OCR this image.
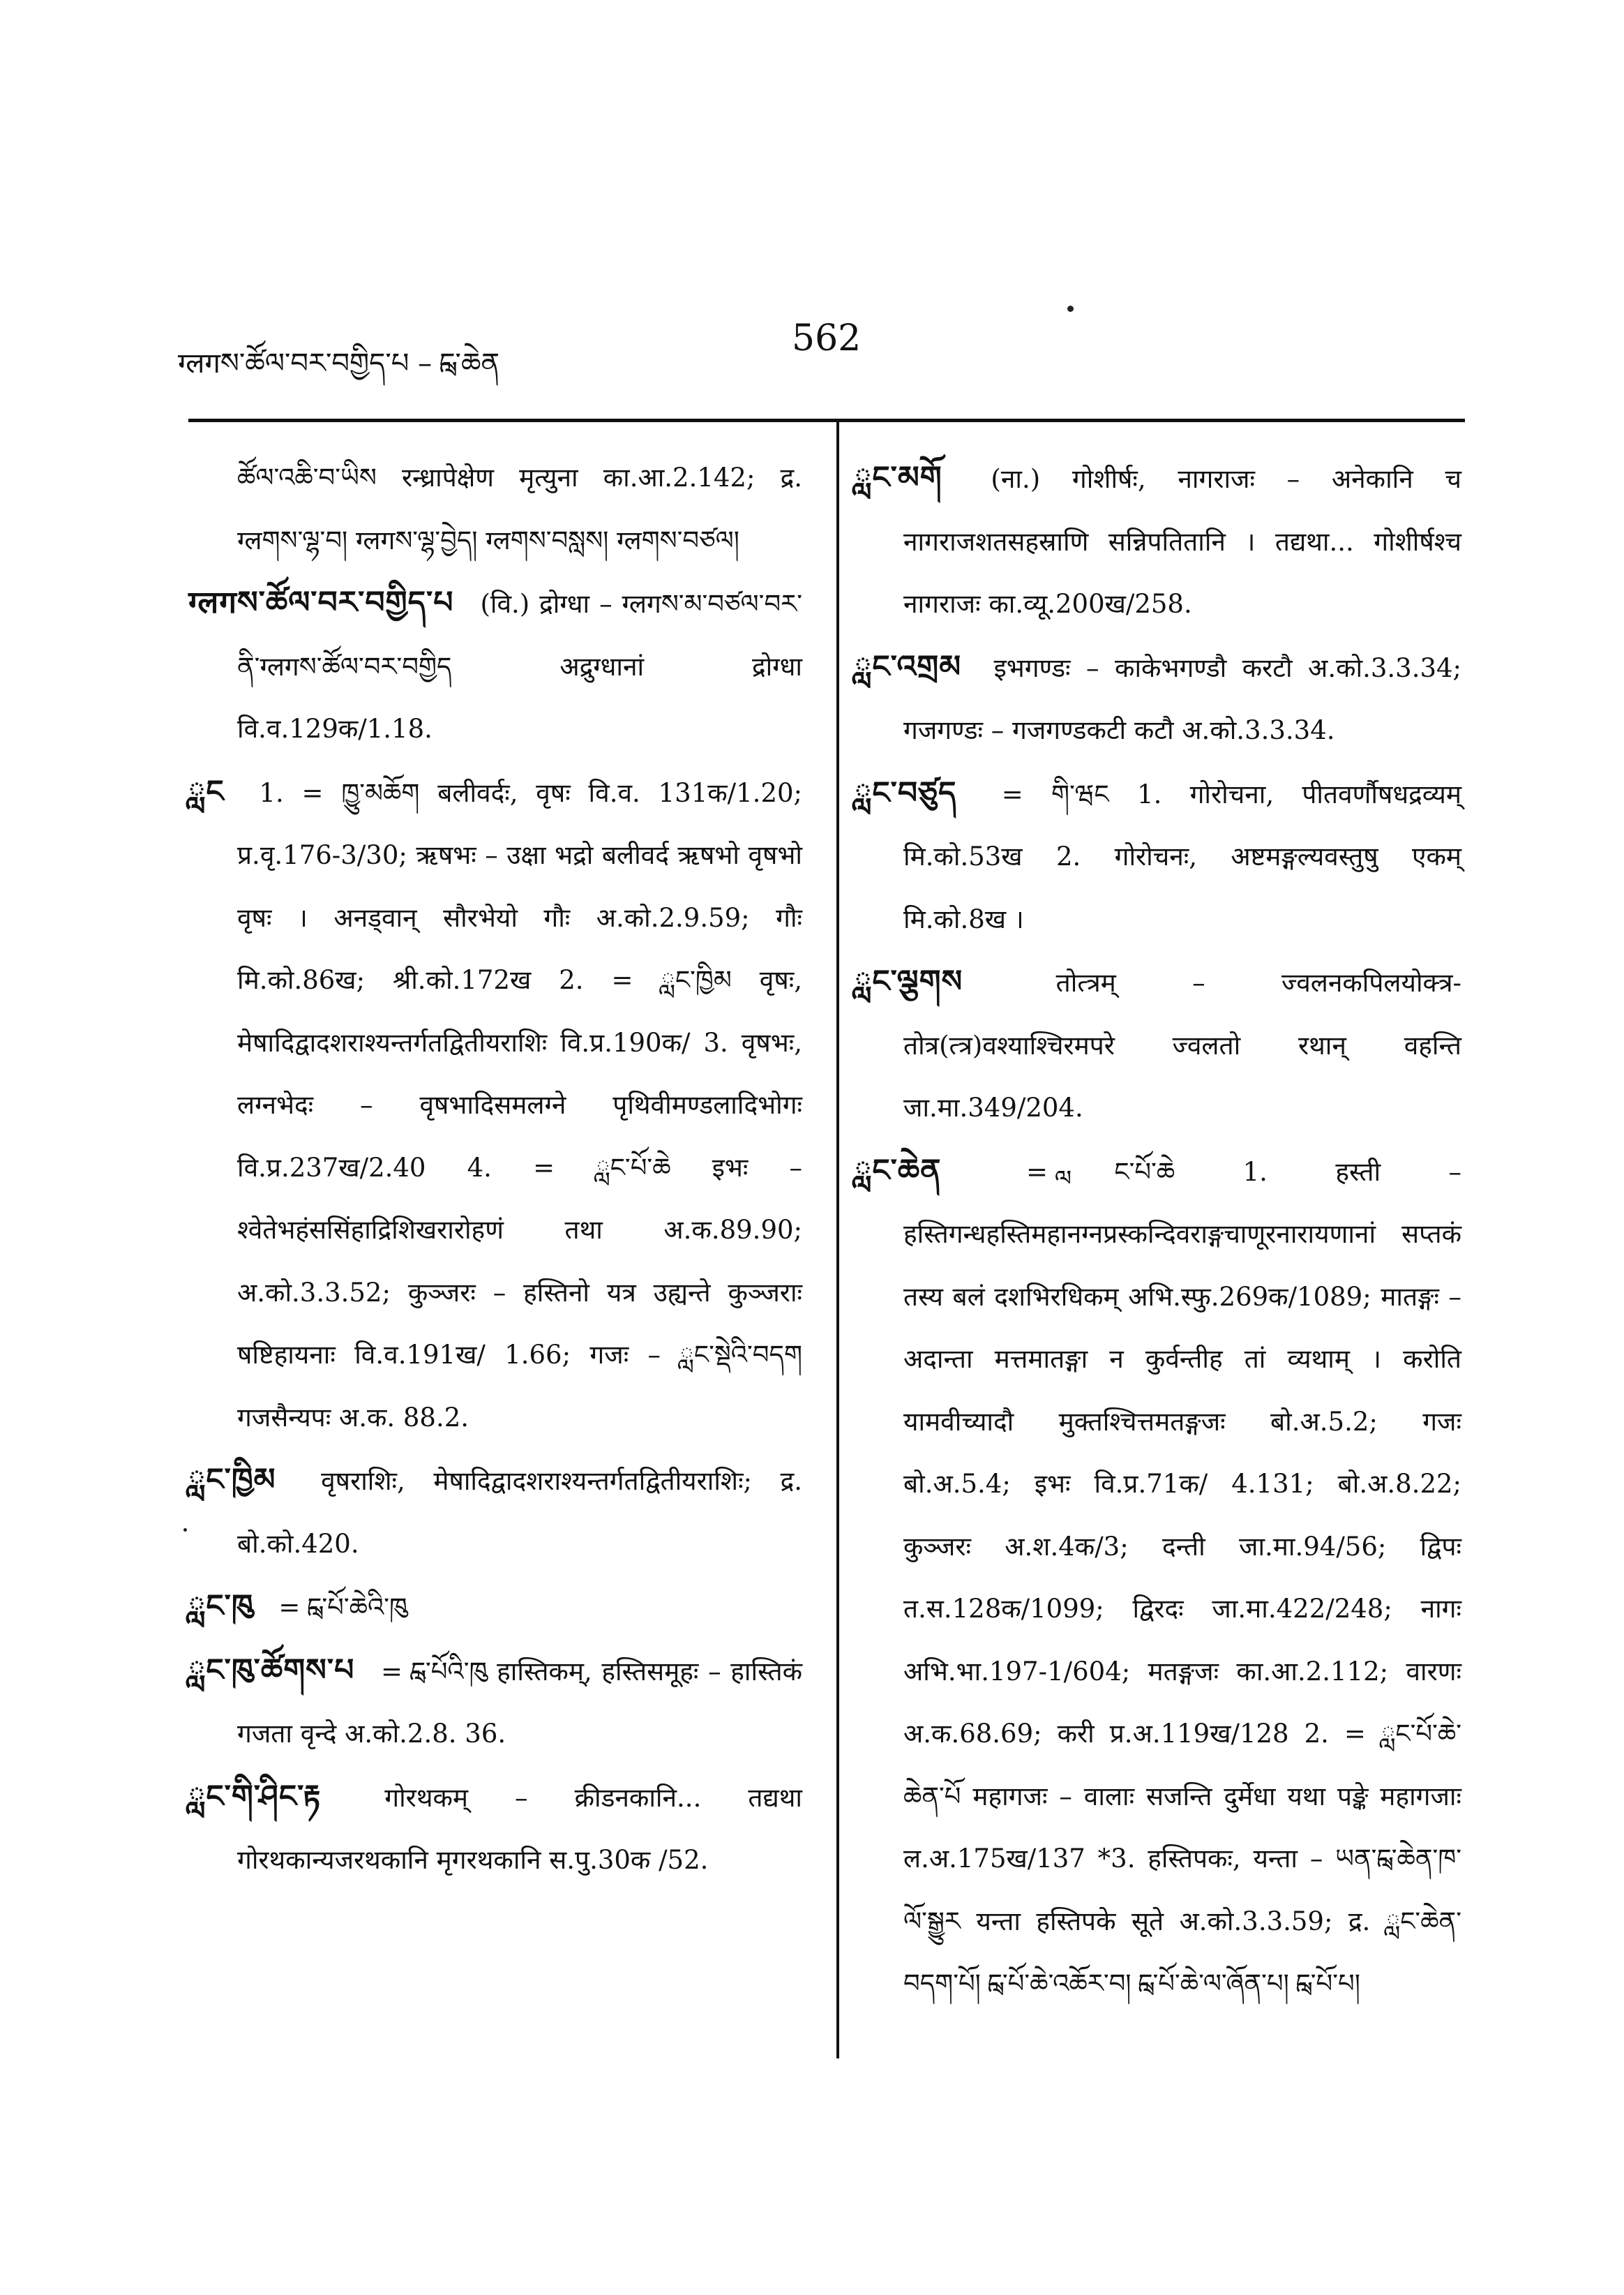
ग्लगས་ཚོལ་བར་བགྱིད་པ – ླང་ཆེན
562

ཚོལ་འཆི་བ་ཡིས रन्ध्रापेक्षेण मृत्युना का.आ.2.142; द्र. ग्लགས་ལྷ་བ། ग्लगས་ལྷ་བྱེད། ग्लགས་བསླས། ग्लགས་བཙལ།

ग्लगས་ཚོལ་བར་བགྱིད་པ (वि.) द्रोग्धा – ग्लगས་མ་བཙལ་བར་ནི་ग्लगས་ཚོལ་བར་བགྱིད अद्रुग्धानां द्रोग्धा वि.व.129क/1.18.

ླང 1. = ཁྱུ་མཆོག बलीवर्दः, वृषः वि.व. 131क/1.20; प्र.वृ.176-3/30; ऋषभः – उक्षा भद्रो बलीवर्द ऋषभो वृषभो वृषः । अनड्वान् सौरभेयो गौः अ.को.2.9.59; गौः मि.को.86ख; श्री.को.172ख 2. = ླང་ཁྱིམ वृषः, मेषादिद्वादशराश्यन्तर्गतद्वितीयराशिः वि.प्र.190क/ 3. वृषभः, लग्नभेदः – वृषभादिसमलग्ने पृथिवीमण्डलादिभोगः वि.प्र.237ख/2.40 4. = ླང་པོ་ཆེ इभः – श्वेतेभहंससिंहाद्रिशिखरारोहणं तथा अ.क.89.90; अ.को.3.3.52; कुञ्जरः – हस्तिनो यत्र उह्यन्ते कुञ्जराः षष्टिहायनाः वि.व.191ख/ 1.66; गजः – ླང་སྡེའི་བདག गजसैन्यपः अ.क. 88.2.

ླང་ཁྱིམ वृषराशिः, मेषादिद्वादशराश्यन्तर्गतद्वितीयराशिः; द्र. बो.को.420.

ླང་ཁུ = ླང་པོ་ཆེའི་ཁུ

ླང་ཁུ་ཚོགས་པ = ླང་པོའི་ཁུ हास्तिकम्, हस्तिसमूहः – हास्तिकं गजता वृन्दे अ.को.2.8. 36.

ླང་གི་ཤིང་རྟ गोरथकम् – क्रीडनकानि... तद्यथा गोरथकान्यजरथकानि मृगरथकानि स.पु.30क /52.

ླང་མགོ (ना.) गोशीर्षः, नागराजः – अनेकानि च नागराजशतसहस्राणि सन्निपतितानि । तद्यथा... गोशीर्षश्च नागराजः का.व्यू.200ख/258.

ླང་འགྲམ इभगण्डः – काकेभगण्डौ करटौ अ.को.3.3.34; गजगण्डः – गजगण्डकटी कटौ अ.को.3.3.34.

ླང་བཙུད = གི་ཝང 1. गोरोचना, पीतवर्णौषधद्रव्यम् मि.को.53ख 2. गोरोचनः, अष्टमङ्गल्यवस्तुषु एकम् मि.को.8ख ।

ླང་ལྕགས	तोत्त्रम् – ज्वलनकपिलयोक्त्र-तोत्र(त्त्र)वश्याश्चिरमपरे ज्वलतो रथान् वहन्ति जा.मा.349/204.

ླང་ཆེན	= ླང་པོ་ཆེ 1. हस्ती – हस्तिगन्धहस्तिमहानग्नप्रस्कन्दिवराङ्गचाणूरनारायणानां सप्तकं तस्य बलं दशभिरधिकम् अभि.स्फु.269क/1089; मातङ्गः – अदान्ता मत्तमातङ्गा न कुर्वन्तीह तां व्यथाम् । करोति यामवीच्यादौ मुक्तश्चित्तमतङ्गजः बो.अ.5.2; गजः बो.अ.5.4; इभः वि.प्र.71क/ 4.131; बो.अ.8.22; कुञ्जरः अ.श.4क/3; दन्ती जा.मा.94/56; द्विपः त.स.128क/1099; द्विरदः जा.मा.422/248; नागः अभि.भा.197-1/604; मतङ्गजः का.आ.2.112; वारणः अ.क.68.69; करी प्र.अ.119ख/128 2. = ླང་པོ་ཆེ་ཆེན་པོ महागजः – वालाः सजन्ति दुर्मेधा यथा पङ्के महागजाः ल.अ.175ख/137 *3. हस्तिपकः, यन्ता – ཡན་ླང་ཆེན་ཁ་ལོ་སྒྱུར यन्ता हस्तिपके सूते अ.को.3.3.59; द्र. ླང་ཆེན་བདག་པོ། ླང་པོ་ཆེ་འཆོར་བ། ླང་པོ་ཆེ་ལ་ཞོན་པ། ླང་པོ་པ།
